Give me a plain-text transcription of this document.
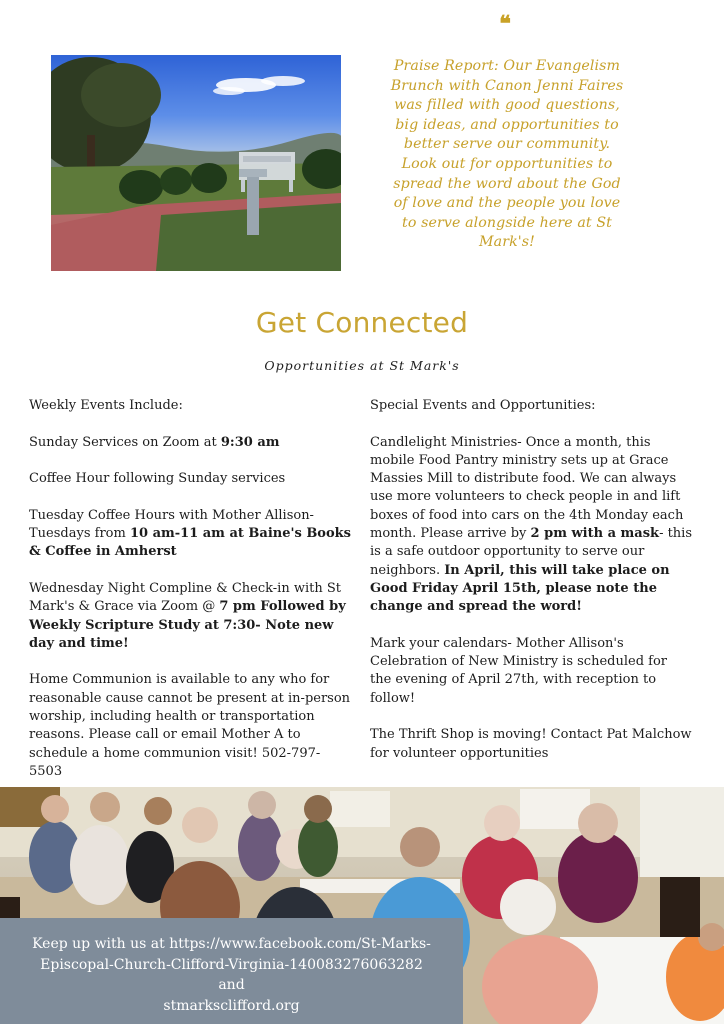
❝

Praise Report: Our Evangelism Brunch with Canon Jenni Faires was filled with good questions, big ideas, and opportunities to better serve our community. Look out for opportunities to spread the word about the God of love and the people you love to serve alongside here at St Mark's!

Get Connected
Opportunities at St Mark's

Weekly Events Include:

Sunday Services on Zoom at 9:30 am

Coffee Hour following Sunday services

Tuesday Coffee Hours with Mother Allison- Tuesdays from 10 am-11 am at Baine's Books & Coffee in Amherst

Wednesday Night Compline & Check-in with St Mark's & Grace via Zoom @ 7 pm Followed by Weekly Scripture Study at 7:30- Note new day and time!

Home Communion is available to any who for reasonable cause cannot be present at in-person worship, including health or transportation reasons. Please call or email Mother A to schedule a home communion visit! 502-797-5503

Special Events and Opportunities:

Candlelight Ministries- Once a month, this mobile Food Pantry ministry sets up at Grace Massies Mill to distribute food. We can always use more volunteers to check people in and lift boxes of food into cars on the 4th Monday each month. Please arrive by 2 pm with a mask- this is a safe outdoor opportunity to serve our neighbors. In April, this will take place on Good Friday April 15th, please note the change and spread the word!

Mark your calendars- Mother Allison's Celebration of New Ministry is scheduled for the evening of April 27th, with reception to follow!

The Thrift Shop is moving! Contact Pat Malchow for volunteer opportunities

Keep up with us at https://www.facebook.com/St-Marks-
Episcopal-Church-Clifford-Virginia-140083276063282
and
stmarksclifford.org
